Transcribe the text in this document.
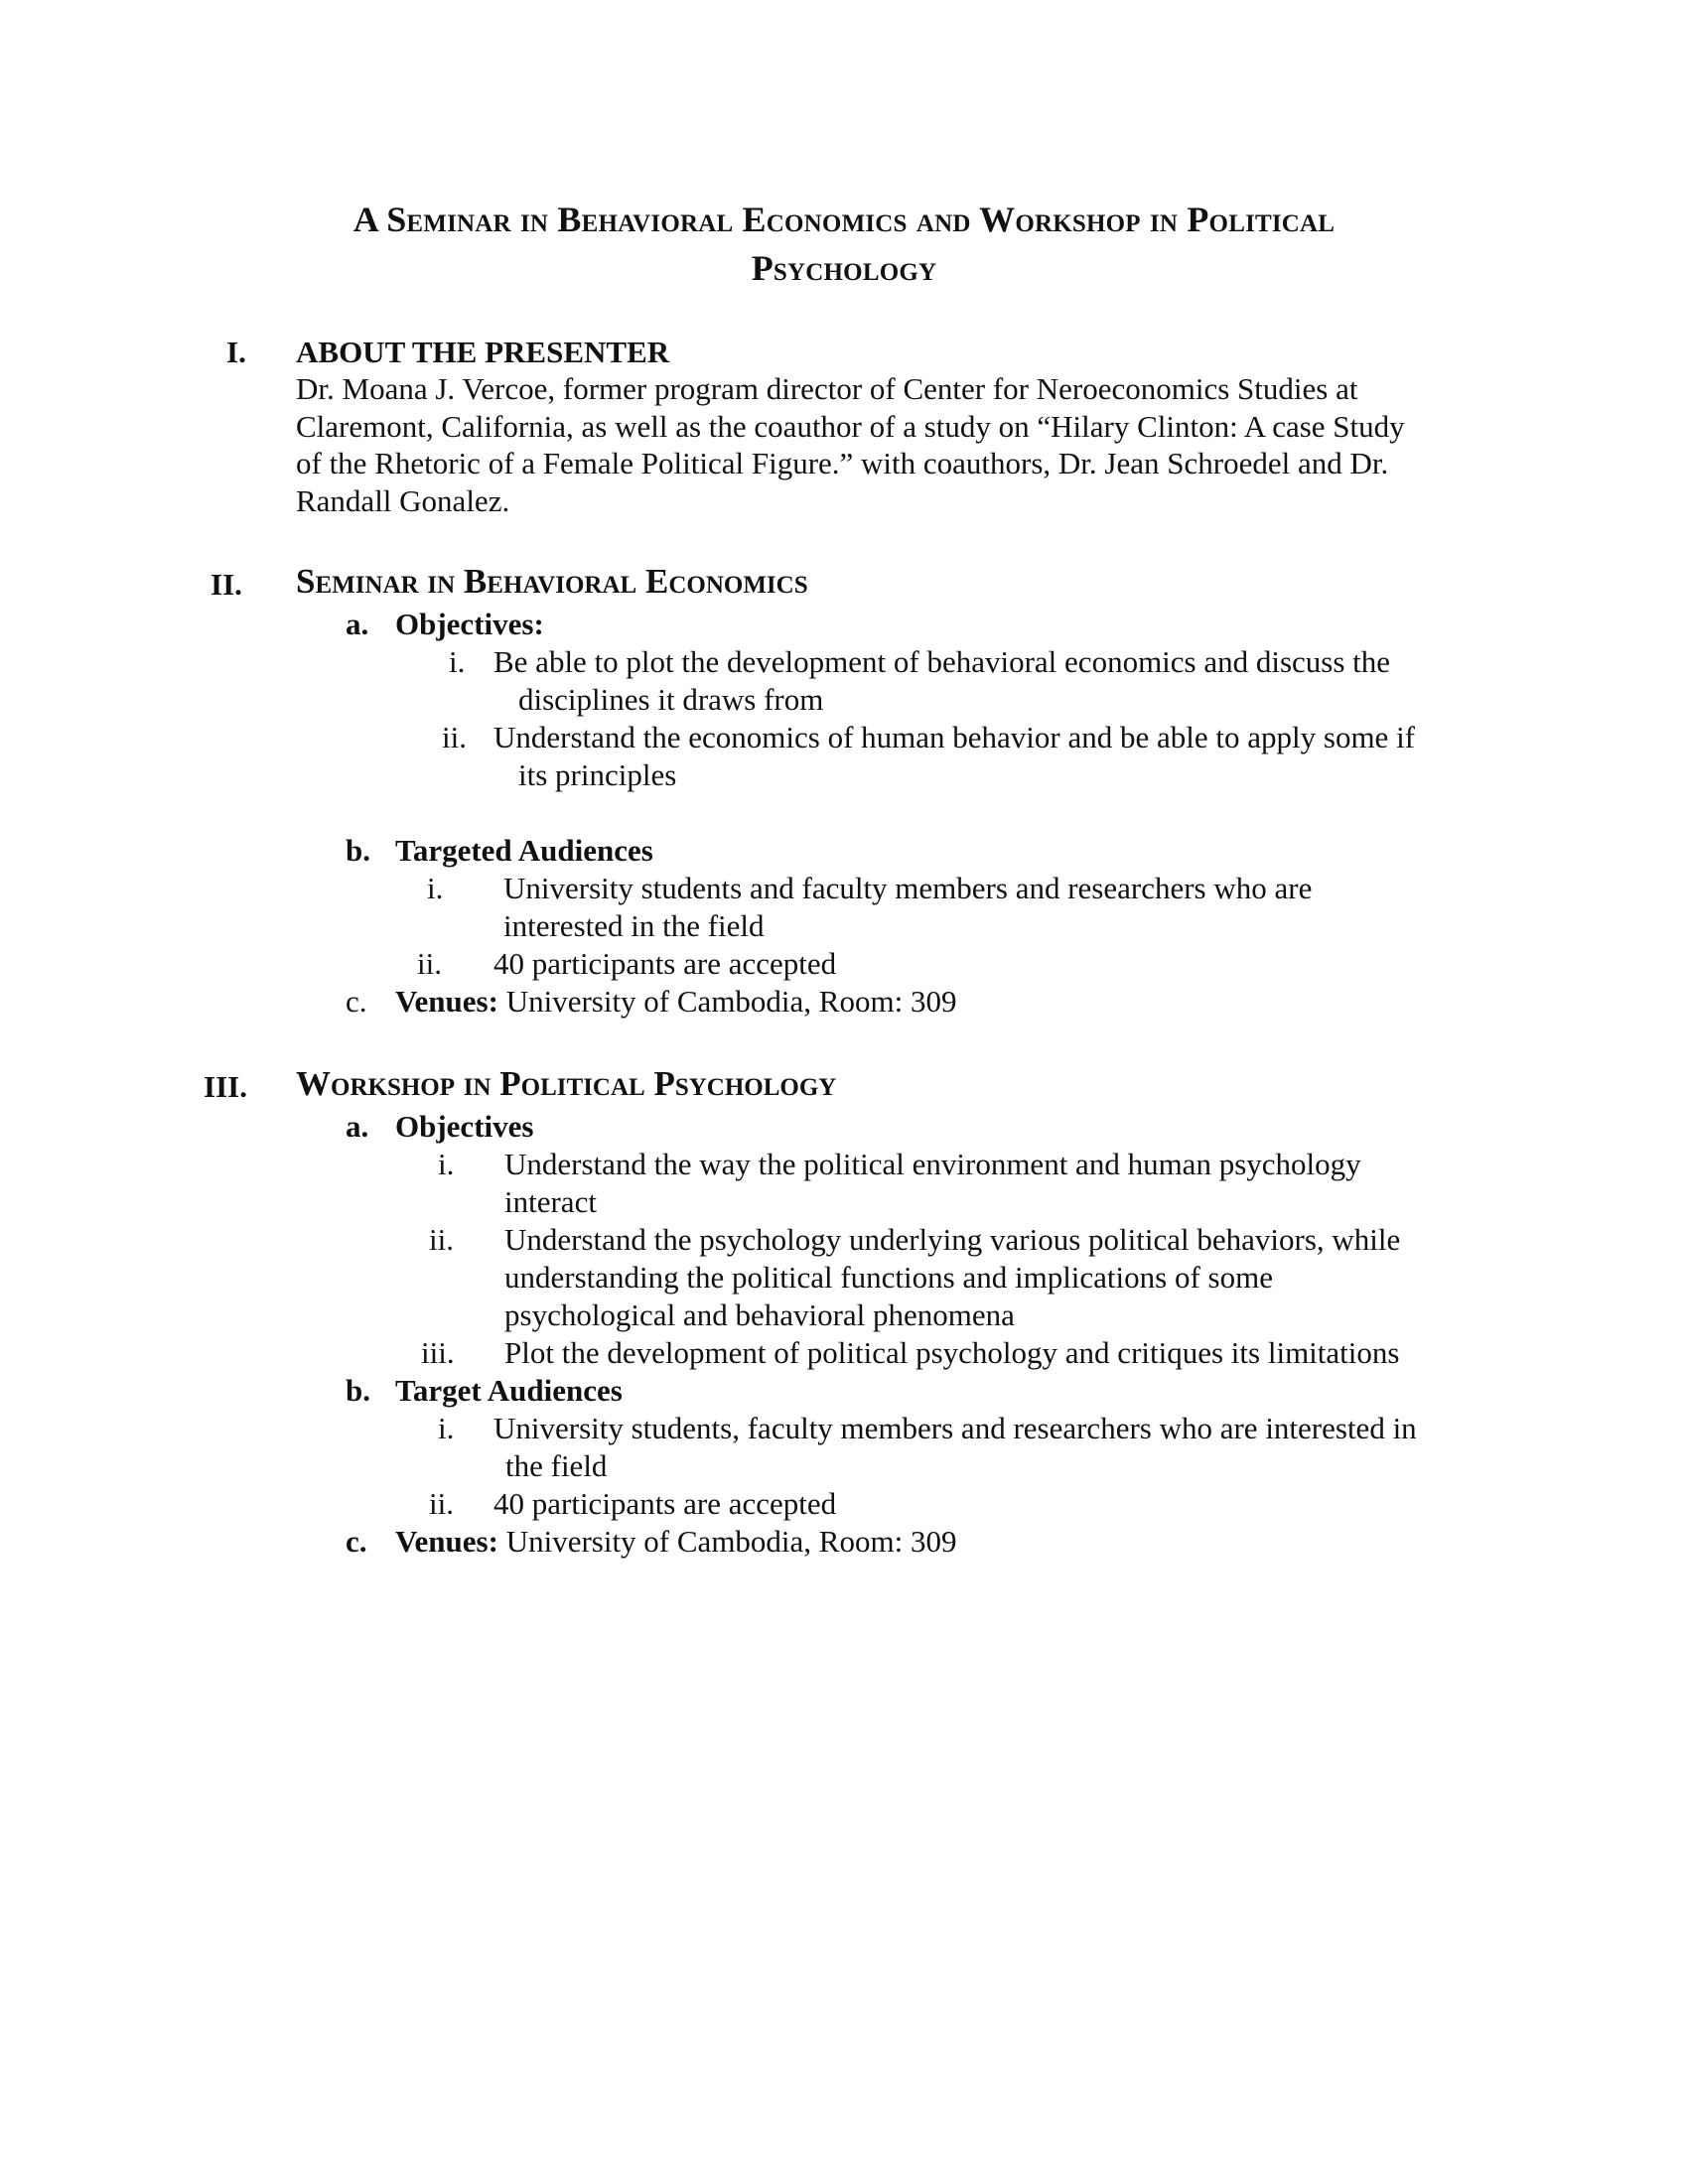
A Seminar in Behavioral Economics and Workshop in Political
Psychology
I. ABOUT THE PRESENTER
Dr. Moana J. Vercoe, former program director of Center for Neroeconomics Studies at
Claremont, California, as well as the coauthor of a study on “Hilary Clinton: A case Study
of the Rhetoric of a Female Political Figure.” with coauthors, Dr. Jean Schroedel and Dr.
Randall Gonalez.
II. Seminar in Behavioral Economics
a. Objectives:
i. Be able to plot the development of behavioral economics and discuss the
disciplines it draws from
ii. Understand the economics of human behavior and be able to apply some if
its principles
b. Targeted Audiences
i. University students and faculty members and researchers who are
interested in the field
ii. 40 participants are accepted
c. Venues: University of Cambodia, Room: 309
III. Workshop in Political Psychology
a. Objectives
i. Understand the way the political environment and human psychology
interact
ii. Understand the psychology underlying various political behaviors, while
understanding the political functions and implications of some
psychological and behavioral phenomena
iii. Plot the development of political psychology and critiques its limitations
b. Target Audiences
i. University students, faculty members and researchers who are interested in
the field
ii. 40 participants are accepted
c. Venues: University of Cambodia, Room: 309
